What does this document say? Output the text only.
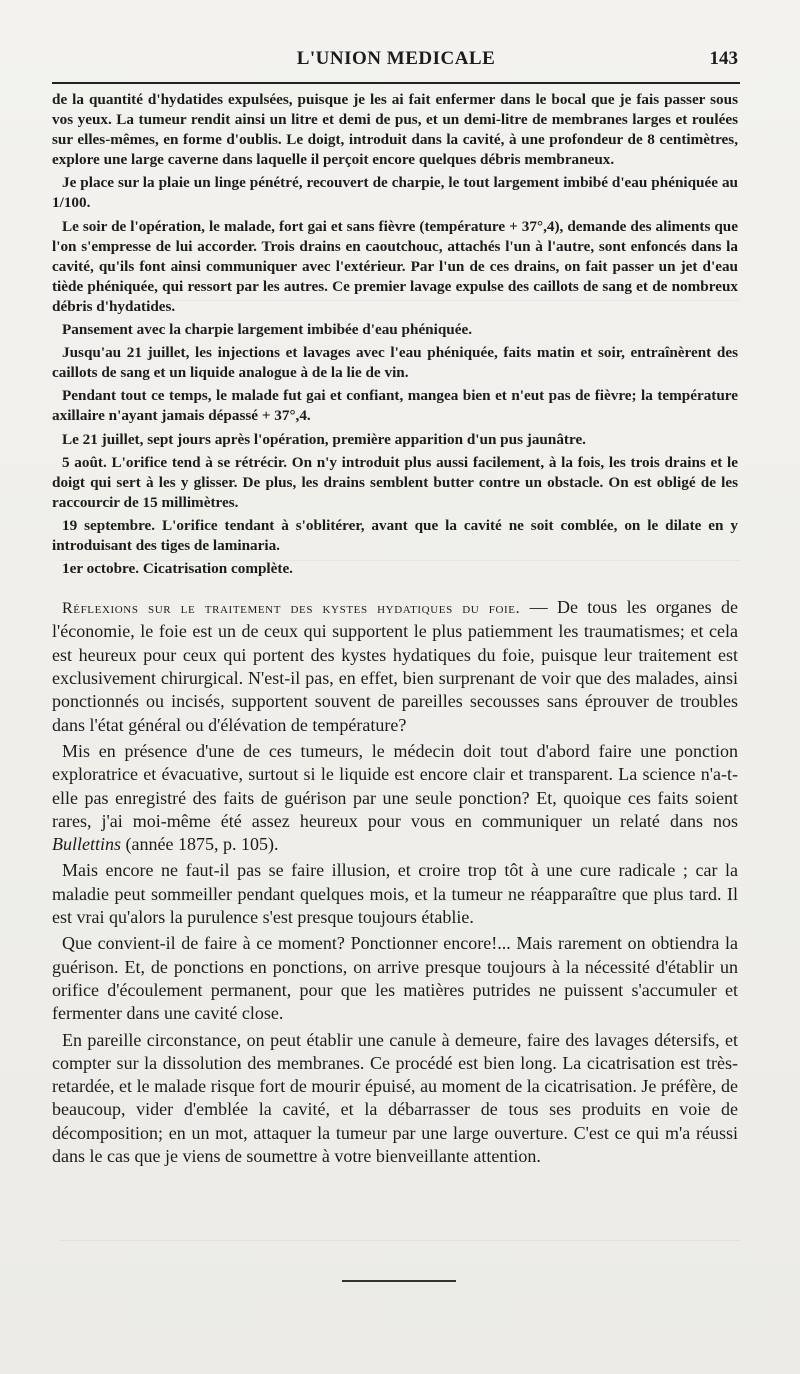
L'UNION MEDICALE	143

de la quantité d'hydatides expulsées, puisque je les ai fait enfermer dans le bocal que je fais passer sous vos yeux. La tumeur rendit ainsi un litre et demi de pus, et un demi-litre de membranes larges et roulées sur elles-mêmes, en forme d'oublis. Le doigt, introduit dans la cavité, à une profondeur de 8 centimètres, explore une large caverne dans laquelle il perçoit encore quelques débris membraneux.

Je place sur la plaie un linge pénétré, recouvert de charpie, le tout largement imbibé d'eau phéniquée au 1/100.

Le soir de l'opération, le malade, fort gai et sans fièvre (température + 37°,4), demande des aliments que l'on s'empresse de lui accorder. Trois drains en caoutchouc, attachés l'un à l'autre, sont enfoncés dans la cavité, qu'ils font ainsi communiquer avec l'extérieur. Par l'un de ces drains, on fait passer un jet d'eau tiède phéniquée, qui ressort par les autres. Ce premier lavage expulse des caillots de sang et de nombreux débris d'hydatides.

Pansement avec la charpie largement imbibée d'eau phéniquée.

Jusqu'au 21 juillet, les injections et lavages avec l'eau phéniquée, faits matin et soir, entraînèrent des caillots de sang et un liquide analogue à de la lie de vin.

Pendant tout ce temps, le malade fut gai et confiant, mangea bien et n'eut pas de fièvre; la température axillaire n'ayant jamais dépassé + 37°,4.

Le 21 juillet, sept jours après l'opération, première apparition d'un pus jaunâtre.

5 août. L'orifice tend à se rétrécir. On n'y introduit plus aussi facilement, à la fois, les trois drains et le doigt qui sert à les y glisser. De plus, les drains semblent butter contre un obstacle. On est obligé de les raccourcir de 15 millimètres.

19 septembre. L'orifice tendant à s'oblitérer, avant que la cavité ne soit comblée, on le dilate en y introduisant des tiges de laminaria.

1er octobre. Cicatrisation complète.

Réflexions sur le traitement des kystes hydatiques du foie. — De tous les organes de l'économie, le foie est un de ceux qui supportent le plus patiemment les traumatismes; et cela est heureux pour ceux qui portent des kystes hydatiques du foie, puisque leur traitement est exclusivement chirurgical. N'est-il pas, en effet, bien surprenant de voir que des malades, ainsi ponctionnés ou incisés, supportent souvent de pareilles secousses sans éprouver de troubles dans l'état général ou d'élévation de température?

Mis en présence d'une de ces tumeurs, le médecin doit tout d'abord faire une ponction exploratrice et évacuative, surtout si le liquide est encore clair et transparent. La science n'a-t-elle pas enregistré des faits de guérison par une seule ponction? Et, quoique ces faits soient rares, j'ai moi-même été assez heureux pour vous en communiquer un relaté dans nos Bullettins (année 1875, p. 105).

Mais encore ne faut-il pas se faire illusion, et croire trop tôt à une cure radicale ; car la maladie peut sommeiller pendant quelques mois, et la tumeur ne réapparaître que plus tard. Il est vrai qu'alors la purulence s'est presque toujours établie.

Que convient-il de faire à ce moment? Ponctionner encore!... Mais rarement on obtiendra la guérison. Et, de ponctions en ponctions, on arrive presque toujours à la nécessité d'établir un orifice d'écoulement permanent, pour que les matières putrides ne puissent s'accumuler et fermenter dans une cavité close.

En pareille circonstance, on peut établir une canule à demeure, faire des lavages détersifs, et compter sur la dissolution des membranes. Ce procédé est bien long. La cicatrisation est très-retardée, et le malade risque fort de mourir épuisé, au moment de la cicatrisation. Je préfère, de beaucoup, vider d'emblée la cavité, et la débarrasser de tous ses produits en voie de décomposition; en un mot, attaquer la tumeur par une large ouverture. C'est ce qui m'a réussi dans le cas que je viens de soumettre à votre bienveillante attention.
